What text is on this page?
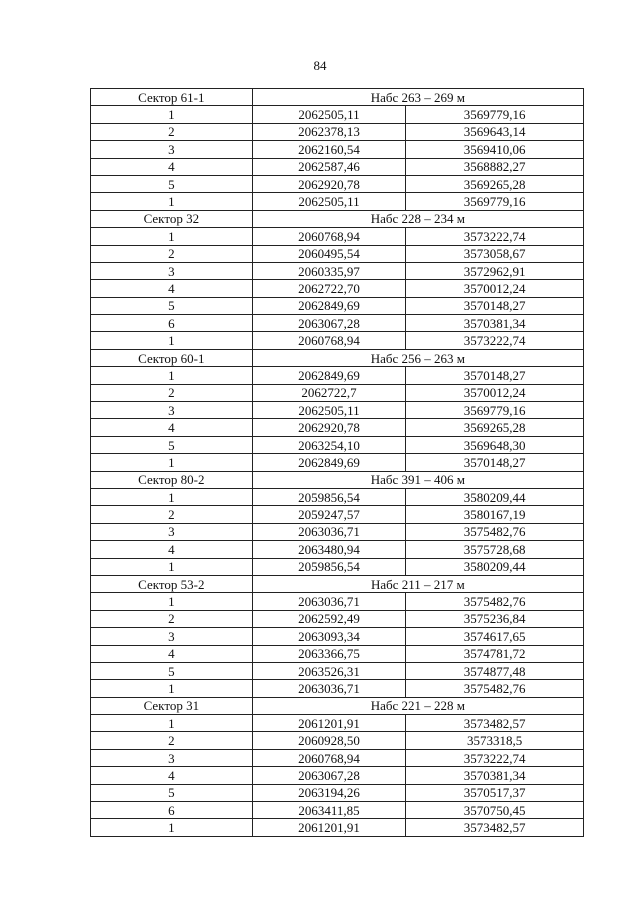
84
Сектор 61-1	Набс 263 – 269 м	
1	2062505,11	3569779,16
2	2062378,13	3569643,14
3	2062160,54	3569410,06
4	2062587,46	3568882,27
5	2062920,78	3569265,28
1	2062505,11	3569779,16
Сектор 32	Набс 228 – 234 м	
1	2060768,94	3573222,74
2	2060495,54	3573058,67
3	2060335,97	3572962,91
4	2062722,70	3570012,24
5	2062849,69	3570148,27
6	2063067,28	3570381,34
1	2060768,94	3573222,74
Сектор 60-1	Набс 256 – 263 м	
1	2062849,69	3570148,27
2	2062722,7	3570012,24
3	2062505,11	3569779,16
4	2062920,78	3569265,28
5	2063254,10	3569648,30
1	2062849,69	3570148,27
Сектор 80-2	Набс 391 – 406 м	
1	2059856,54	3580209,44
2	2059247,57	3580167,19
3	2063036,71	3575482,76
4	2063480,94	3575728,68
1	2059856,54	3580209,44
Сектор 53-2	Набс 211 – 217 м	
1	2063036,71	3575482,76
2	2062592,49	3575236,84
3	2063093,34	3574617,65
4	2063366,75	3574781,72
5	2063526,31	3574877,48
1	2063036,71	3575482,76
Сектор 31	Набс 221 – 228 м	
1	2061201,91	3573482,57
2	2060928,50	3573318,5
3	2060768,94	3573222,74
4	2063067,28	3570381,34
5	2063194,26	3570517,37
6	2063411,85	3570750,45
1	2061201,91	3573482,57
